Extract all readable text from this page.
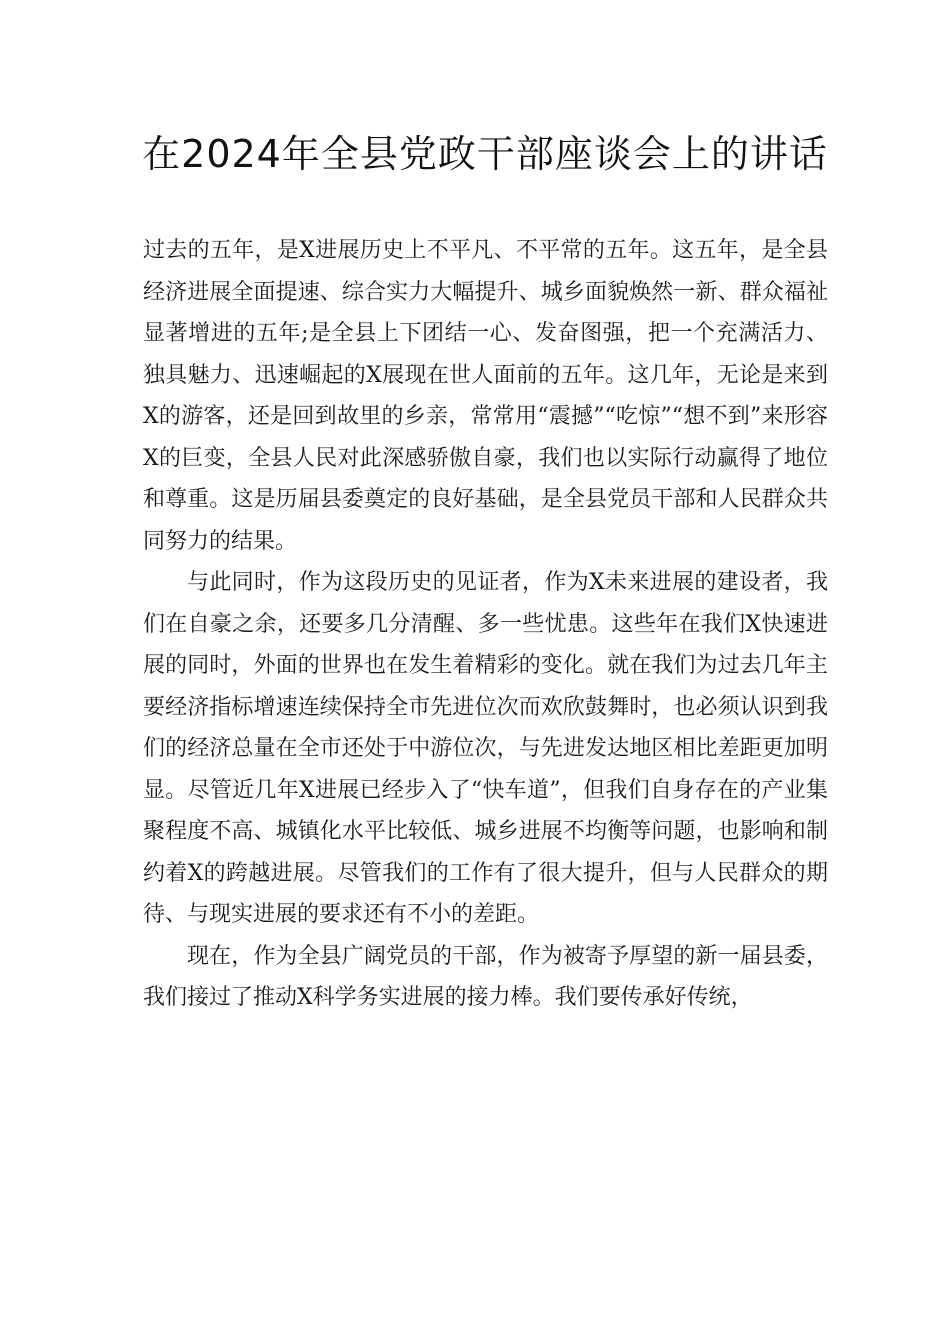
在2024年全县党政干部座谈会上的讲话

过去的五年，是X进展历史上不平凡、不平常的五年。这五年，是全县经济进展全面提速、综合实力大幅提升、城乡面貌焕然一新、群众福祉显著增进的五年;是全县上下团结一心、发奋图强，把一个充满活力、独具魅力、迅速崛起的X展现在世人面前的五年。这几年，无论是来到X的游客，还是回到故里的乡亲，常常用“震撼”“吃惊”“想不到”来形容X的巨变，全县人民对此深感骄傲自豪，我们也以实际行动赢得了地位和尊重。这是历届县委奠定的良好基础，是全县党员干部和人民群众共同努力的结果。

与此同时，作为这段历史的见证者，作为X未来进展的建设者，我们在自豪之余，还要多几分清醒、多一些忧患。这些年在我们X快速进展的同时，外面的世界也在发生着精彩的变化。就在我们为过去几年主要经济指标增速连续保持全市先进位次而欢欣鼓舞时，也必须认识到我们的经济总量在全市还处于中游位次，与先进发达地区相比差距更加明显。尽管近几年X进展已经步入了“快车道”，但我们自身存在的产业集聚程度不高、城镇化水平比较低、城乡进展不均衡等问题，也影响和制约着X的跨越进展。尽管我们的工作有了很大提升，但与人民群众的期待、与现实进展的要求还有不小的差距。

现在，作为全县广阔党员的干部，作为被寄予厚望的新一届县委，我们接过了推动X科学务实进展的接力棒。我们要传承好传统，
